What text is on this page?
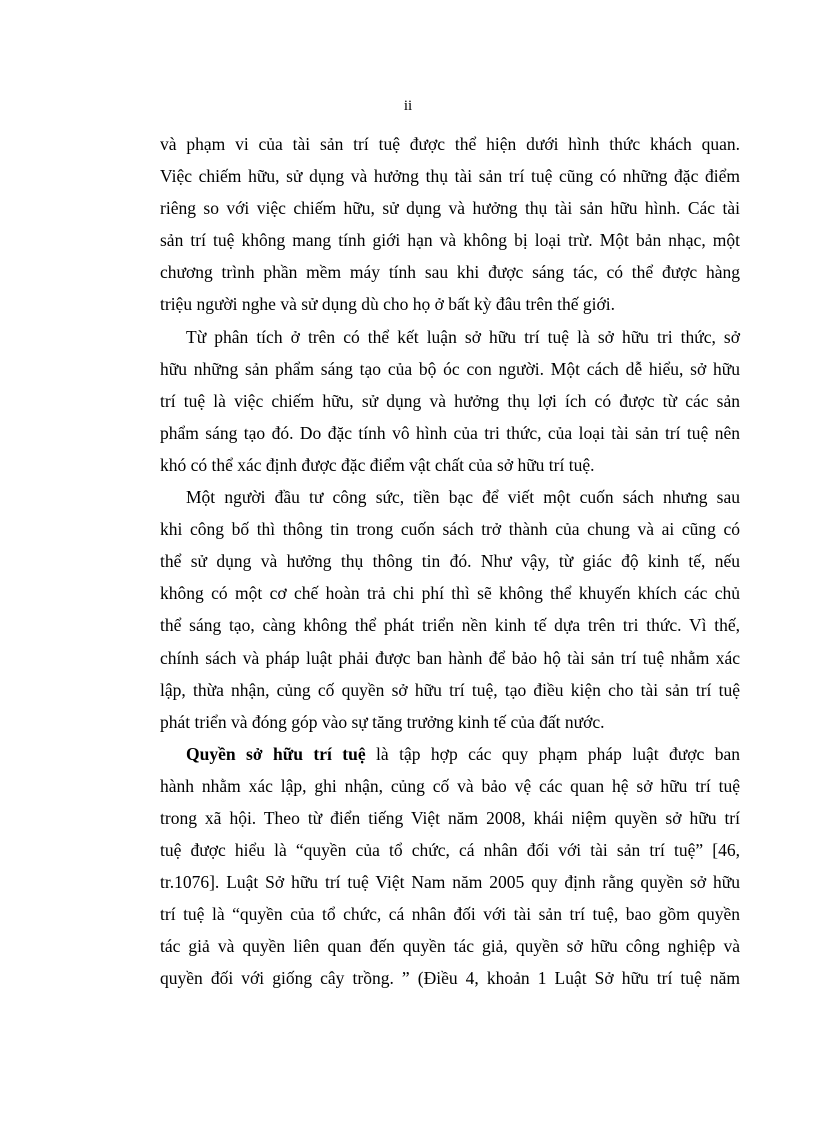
ii
và phạm vi của tài sản trí tuệ được thể hiện dưới hình thức khách quan.
Việc chiếm hữu, sử dụng và hưởng thụ tài sản trí tuệ cũng có những đặc điểm
riêng so với việc chiếm hữu, sử dụng và hưởng thụ tài sản hữu hình. Các tài
sản trí tuệ không mang tính giới hạn và không bị loại trừ. Một bản nhạc, một
chương trình phần mềm máy tính sau khi được sáng tác, có thể được hàng
triệu người nghe và sử dụng dù cho họ ở bất kỳ đâu trên thế giới.
Từ phân tích ở trên có thể kết luận sở hữu trí tuệ là sở hữu tri thức, sở
hữu những sản phẩm sáng tạo của bộ óc con người. Một cách dễ hiểu, sở hữu
trí tuệ là việc chiếm hữu, sử dụng và hưởng thụ lợi ích có được từ các sản
phẩm sáng tạo đó. Do đặc tính vô hình của tri thức, của loại tài sản trí tuệ nên
khó có thể xác định được đặc điểm vật chất của sở hữu trí tuệ.
Một người đầu tư công sức, tiền bạc để viết một cuốn sách nhưng sau
khi công bố thì thông tin trong cuốn sách trở thành của chung và ai cũng có
thể sử dụng và hưởng thụ thông tin đó. Như vậy, từ giác độ kinh tế, nếu
không có một cơ chế hoàn trả chi phí thì sẽ không thể khuyến khích các chủ
thể sáng tạo, càng không thể phát triển nền kinh tế dựa trên tri thức. Vì thế,
chính sách và pháp luật phải được ban hành để bảo hộ tài sản trí tuệ nhằm xác
lập, thừa nhận, củng cố quyền sở hữu trí tuệ, tạo điều kiện cho tài sản trí tuệ
phát triển và đóng góp vào sự tăng trưởng kinh tế của đất nước.
Quyền sở hữu trí tuệ là tập hợp các quy phạm pháp luật được ban
hành nhằm xác lập, ghi nhận, củng cố và bảo vệ các quan hệ sở hữu trí tuệ
trong xã hội. Theo từ điển tiếng Việt năm 2008, khái niệm quyền sở hữu trí
tuệ được hiểu là “quyền của tổ chức, cá nhân đối với tài sản trí tuệ” [46,
tr.1076]. Luật Sở hữu trí tuệ Việt Nam năm 2005 quy định rằng quyền sở hữu
trí tuệ là “quyền của tổ chức, cá nhân đối với tài sản trí tuệ, bao gồm quyền
tác giả và quyền liên quan đến quyền tác giả, quyền sở hữu công nghiệp và
quyền đối với giống cây trồng. ” (Điều 4, khoản 1 Luật Sở hữu trí tuệ năm
